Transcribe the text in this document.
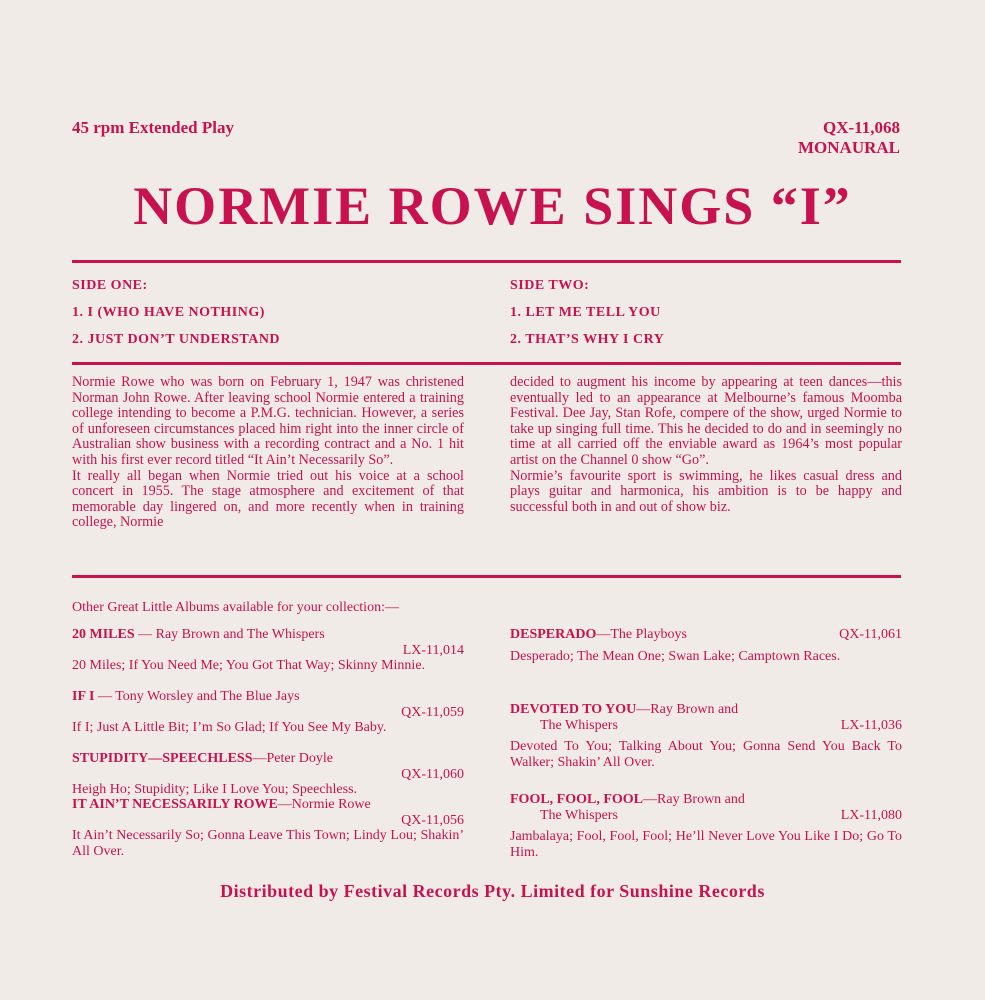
45 rpm Extended Play	QX-11,068
MONAURAL
NORMIE ROWE SINGS “I”
SIDE ONE:
1. I (WHO HAVE NOTHING)
2. JUST DON’T UNDERSTAND
SIDE TWO:
1. LET ME TELL YOU
2. THAT’S WHY I CRY

Normie Rowe who was born on February 1, 1947 was christened Norman John Rowe. After leaving school Normie entered a training college intending to become a P.M.G. technician. However, a series of unforeseen circumstances placed him right into the inner circle of Australian show business with a recording contract and a No. 1 hit with his first ever record titled “It Ain’t Necessarily So”.

It really all began when Normie tried out his voice at a school concert in 1955. The stage atmosphere and excitement of that memorable day lingered on, and more recently when in training college, Normie

decided to augment his income by appearing at teen dances—this eventually led to an appearance at Melbourne’s famous Moomba Festival. Dee Jay, Stan Rofe, compere of the show, urged Normie to take up singing full time. This he decided to do and in seemingly no time at all carried off the enviable award as 1964’s most popular artist on the Channel 0 show “Go”.

Normie’s favourite sport is swimming, he likes casual dress and plays guitar and harmonica, his ambition is to be happy and successful both in and out of show biz.

Other Great Little Albums available for your collection:—
20 MILES — Ray Brown and The Whispers
LX-11,014
20 Miles; If You Need Me; You Got That Way; Skinny Minnie.
IF I — Tony Worsley and The Blue Jays
QX-11,059
If I; Just A Little Bit; I’m So Glad; If You See My Baby.
STUPIDITY—SPEECHLESS—Peter Doyle
QX-11,060
Heigh Ho; Stupidity; Like I Love You; Speechless.
IT AIN’T NECESSARILY ROWE—Normie Rowe
QX-11,056
It Ain’t Necessarily So; Gonna Leave This Town; Lindy Lou; Shakin’ All Over.
DESPERADO—The Playboys	QX-11,061
Desperado; The Mean One; Swan Lake; Camptown Races.
DEVOTED TO YOU—Ray Brown and
The Whispers	LX-11,036
Devoted To You; Talking About You; Gonna Send You Back To Walker; Shakin’ All Over.
FOOL, FOOL, FOOL—Ray Brown and
The Whispers	LX-11,080
Jambalaya; Fool, Fool, Fool; He’ll Never Love You Like I Do; Go To Him.
Distributed by Festival Records Pty. Limited for Sunshine Records
